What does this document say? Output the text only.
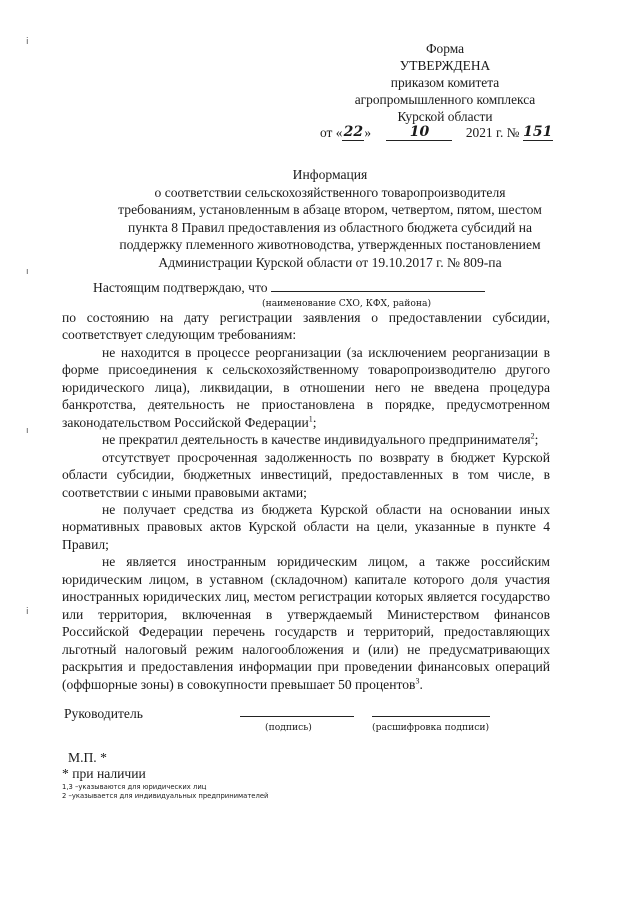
i
ı
ı
i
Форма
УТВЕРЖДЕНА
приказом комитета
агропромышленного комплекса
Курской области
от «22»	10	2021 г. № 151
Информация
о соответствии сельскохозяйственного товаропроизводителя
требованиям, установленным в абзаце втором, четвертом, пятом, шестом
пункта 8 Правил предоставления из областного бюджета субсидий на
поддержку племенного животноводства, утвержденных постановлением
Администрации Курской области от 19.10.2017 г. № 809-па
Настоящим подтверждаю, что
(наименование СХО, КФХ, района)

по состоянию на дату регистрации заявления о предоставлении субсидии, соответствует следующим требованиям:

не находится в процессе реорганизации (за исключением реорганизации в форме присоединения к сельскохозяйственному товаропроизводителю другого юридического лица), ликвидации, в отношении него не введена процедура банкротства, деятельность не приостановлена в порядке, предусмотренном законодательством Российской Федерации$^1$;

не прекратил деятельность в качестве индивидуального предпринимателя$^2$;

отсутствует просроченная задолженность по возврату в бюджет Курской области субсидии, бюджетных инвестиций, предоставленных в том числе, в соответствии с иными правовыми актами;

не получает средства из бюджета Курской области на основании иных нормативных правовых актов Курской области на цели, указанные в пункте 4 Правил;

не является иностранным юридическим лицом, а также российским юридическим лицом, в уставном (складочном) капитале которого доля участия иностранных юридических лиц, местом регистрации которых является государство или территория, включенная в утверждаемый Министерством финансов Российской Федерации перечень государств и территорий, предоставляющих льготный налоговый режим налогообложения и (или) не предусматривающих раскрытия и предоставления информации при проведении финансовых операций (оффшорные зоны) в совокупности превышает 50 процентов$^3$.

Руководитель
(подпись)	(расшифровка подписи)
М.П. *
* при наличии
1,3 –указываются для юридических лиц
2 –указывается для индивидуальных предпринимателей
